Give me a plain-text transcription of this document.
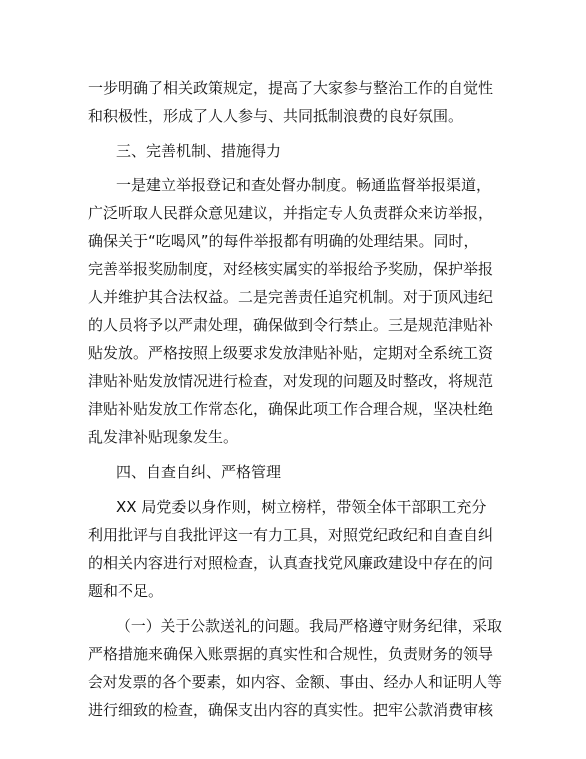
一步明确了相关政策规定，提高了大家参与整治工作的自觉性
和积极性，形成了人人参与、共同抵制浪费的良好氛围。
三、完善机制、措施得力
一是建立举报登记和查处督办制度。畅通监督举报渠道，
广泛听取人民群众意见建议，并指定专人负责群众来访举报，
确保关于“吃喝风”的每件举报都有明确的处理结果。同时，
完善举报奖励制度，对经核实属实的举报给予奖励，保护举报
人并维护其合法权益。二是完善责任追究机制。对于顶风违纪
的人员将予以严肃处理，确保做到令行禁止。三是规范津贴补
贴发放。严格按照上级要求发放津贴补贴，定期对全系统工资
津贴补贴发放情况进行检查，对发现的问题及时整改，将规范
津贴补贴发放工作常态化，确保此项工作合理合规，坚决杜绝
乱发津补贴现象发生。
四、自查自纠、严格管理
XX 局党委以身作则，树立榜样，带领全体干部职工充分
利用批评与自我批评这一有力工具，对照党纪政纪和自查自纠
的相关内容进行对照检查，认真查找党风廉政建设中存在的问
题和不足。
（一）关于公款送礼的问题。我局严格遵守财务纪律，采取
严格措施来确保入账票据的真实性和合规性，负责财务的领导
会对发票的各个要素，如内容、金额、事由、经办人和证明人等
进行细致的检查，确保支出内容的真实性。把牢公款消费审核
